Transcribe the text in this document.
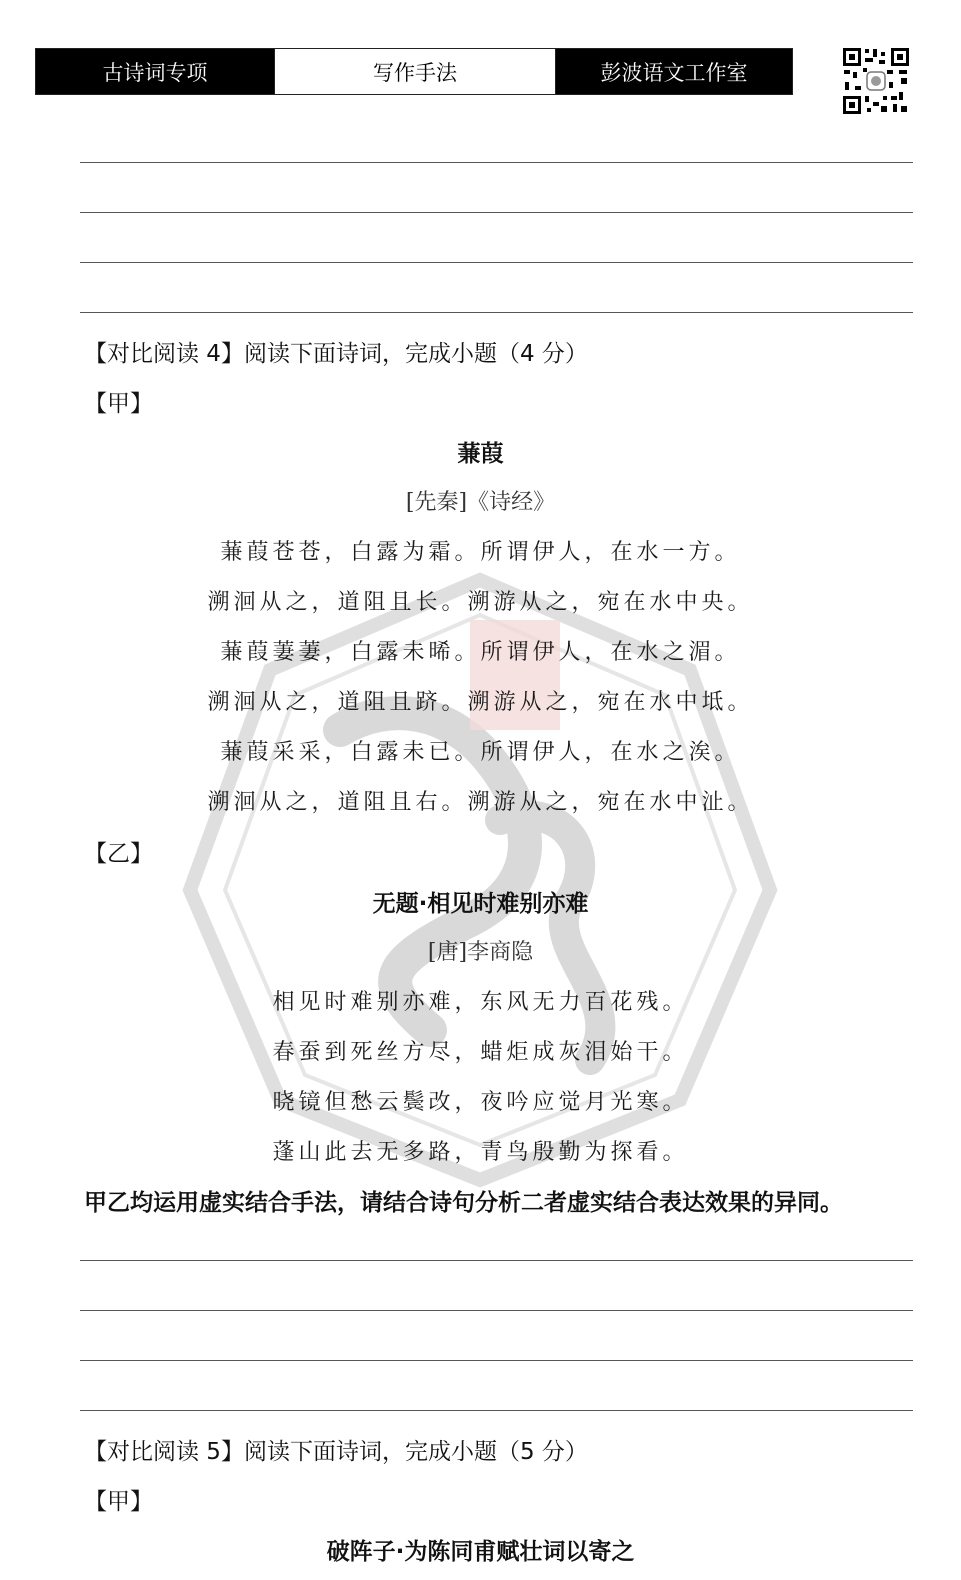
古诗词专项	写作手法	彭波语文工作室
【对比阅读 4】阅读下面诗词，完成小题（4 分）
【甲】
蒹葭
[先秦]《诗经》
蒹葭苍苍，白露为霜。所谓伊人，在水一方。
溯洄从之，道阻且长。溯游从之，宛在水中央。
蒹葭萋萋，白露未晞。所谓伊人，在水之湄。
溯洄从之，道阻且跻。溯游从之，宛在水中坻。
蒹葭采采，白露未已。所谓伊人，在水之涘。
溯洄从之，道阻且右。溯游从之，宛在水中沚。
【乙】
无题·相见时难别亦难
[唐]李商隐
相见时难别亦难，东风无力百花残。
春蚕到死丝方尽，蜡炬成灰泪始干。
晓镜但愁云鬓改，夜吟应觉月光寒。
蓬山此去无多路，青鸟殷勤为探看。
甲乙均运用虚实结合手法，请结合诗句分析二者虚实结合表达效果的异同。
【对比阅读 5】阅读下面诗词，完成小题（5 分）
【甲】
破阵子·为陈同甫赋壮词以寄之
